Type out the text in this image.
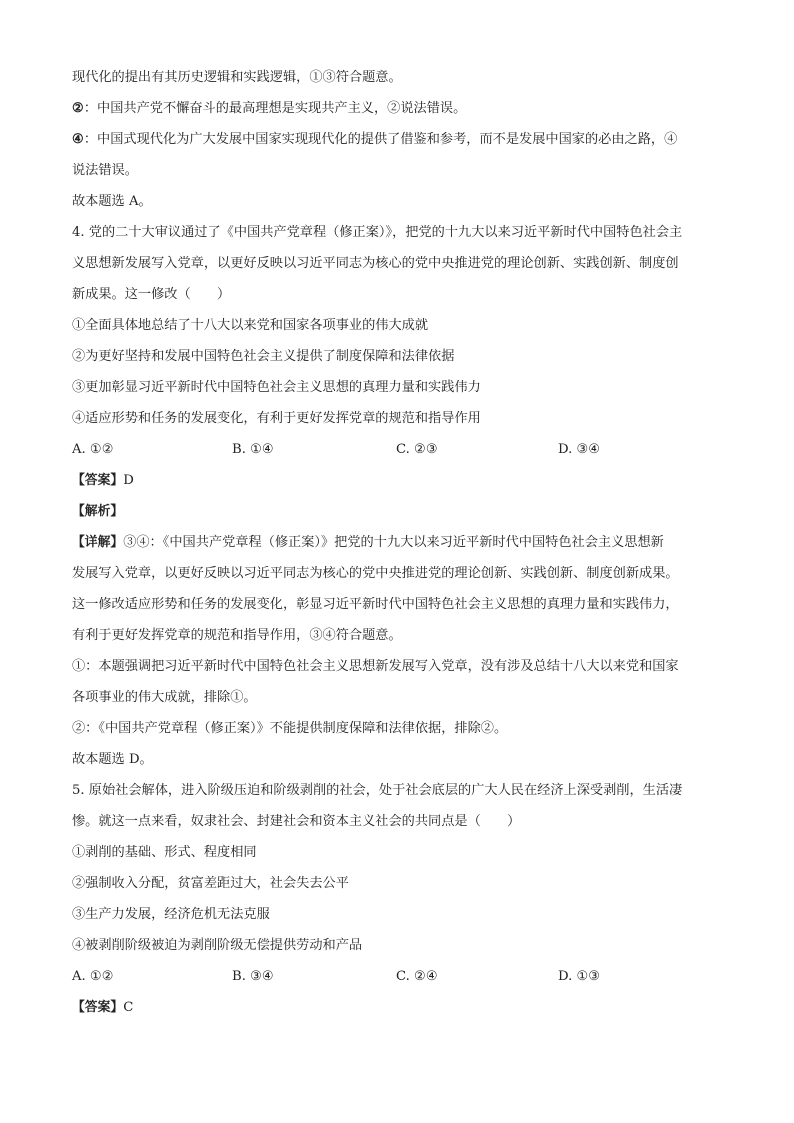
现代化的提出有其历史逻辑和实践逻辑，①③符合题意。
②：中国共产党不懈奋斗的最高理想是实现共产主义，②说法错误。
④：中国式现代化为广大发展中国家实现现代化的提供了借鉴和参考，而不是发展中国家的必由之路，④
说法错误。
故本题选 A。
4. 党的二十大审议通过了《中国共产党章程（修正案）》，把党的十九大以来习近平新时代中国特色社会主
义思想新发展写入党章，以更好反映以习近平同志为核心的党中央推进党的理论创新、实践创新、制度创
新成果。这一修改（　　）
①全面具体地总结了十八大以来党和国家各项事业的伟大成就
②为更好坚持和发展中国特色社会主义提供了制度保障和法律依据
③更加彰显习近平新时代中国特色社会主义思想的真理力量和实践伟力
④适应形势和任务的发展变化，有利于更好发挥党章的规范和指导作用
A. ①②	B. ①④	C. ②③	D. ③④
【答案】D
【解析】
【详解】③④：《中国共产党章程（修正案）》把党的十九大以来习近平新时代中国特色社会主义思想新
发展写入党章，以更好反映以习近平同志为核心的党中央推进党的理论创新、实践创新、制度创新成果。
这一修改适应形势和任务的发展变化，彰显习近平新时代中国特色社会主义思想的真理力量和实践伟力，
有利于更好发挥党章的规范和指导作用，③④符合题意。
①：本题强调把习近平新时代中国特色社会主义思想新发展写入党章，没有涉及总结十八大以来党和国家
各项事业的伟大成就，排除①。
②：《中国共产党章程（修正案）》不能提供制度保障和法律依据，排除②。
故本题选 D。
5. 原始社会解体，进入阶级压迫和阶级剥削的社会，处于社会底层的广大人民在经济上深受剥削，生活凄
惨。就这一点来看，奴隶社会、封建社会和资本主义社会的共同点是（　　）
①剥削的基础、形式、程度相同
②强制收入分配，贫富差距过大，社会失去公平
③生产力发展，经济危机无法克服
④被剥削阶级被迫为剥削阶级无偿提供劳动和产品
A. ①②	B. ③④	C. ②④	D. ①③
【答案】C
